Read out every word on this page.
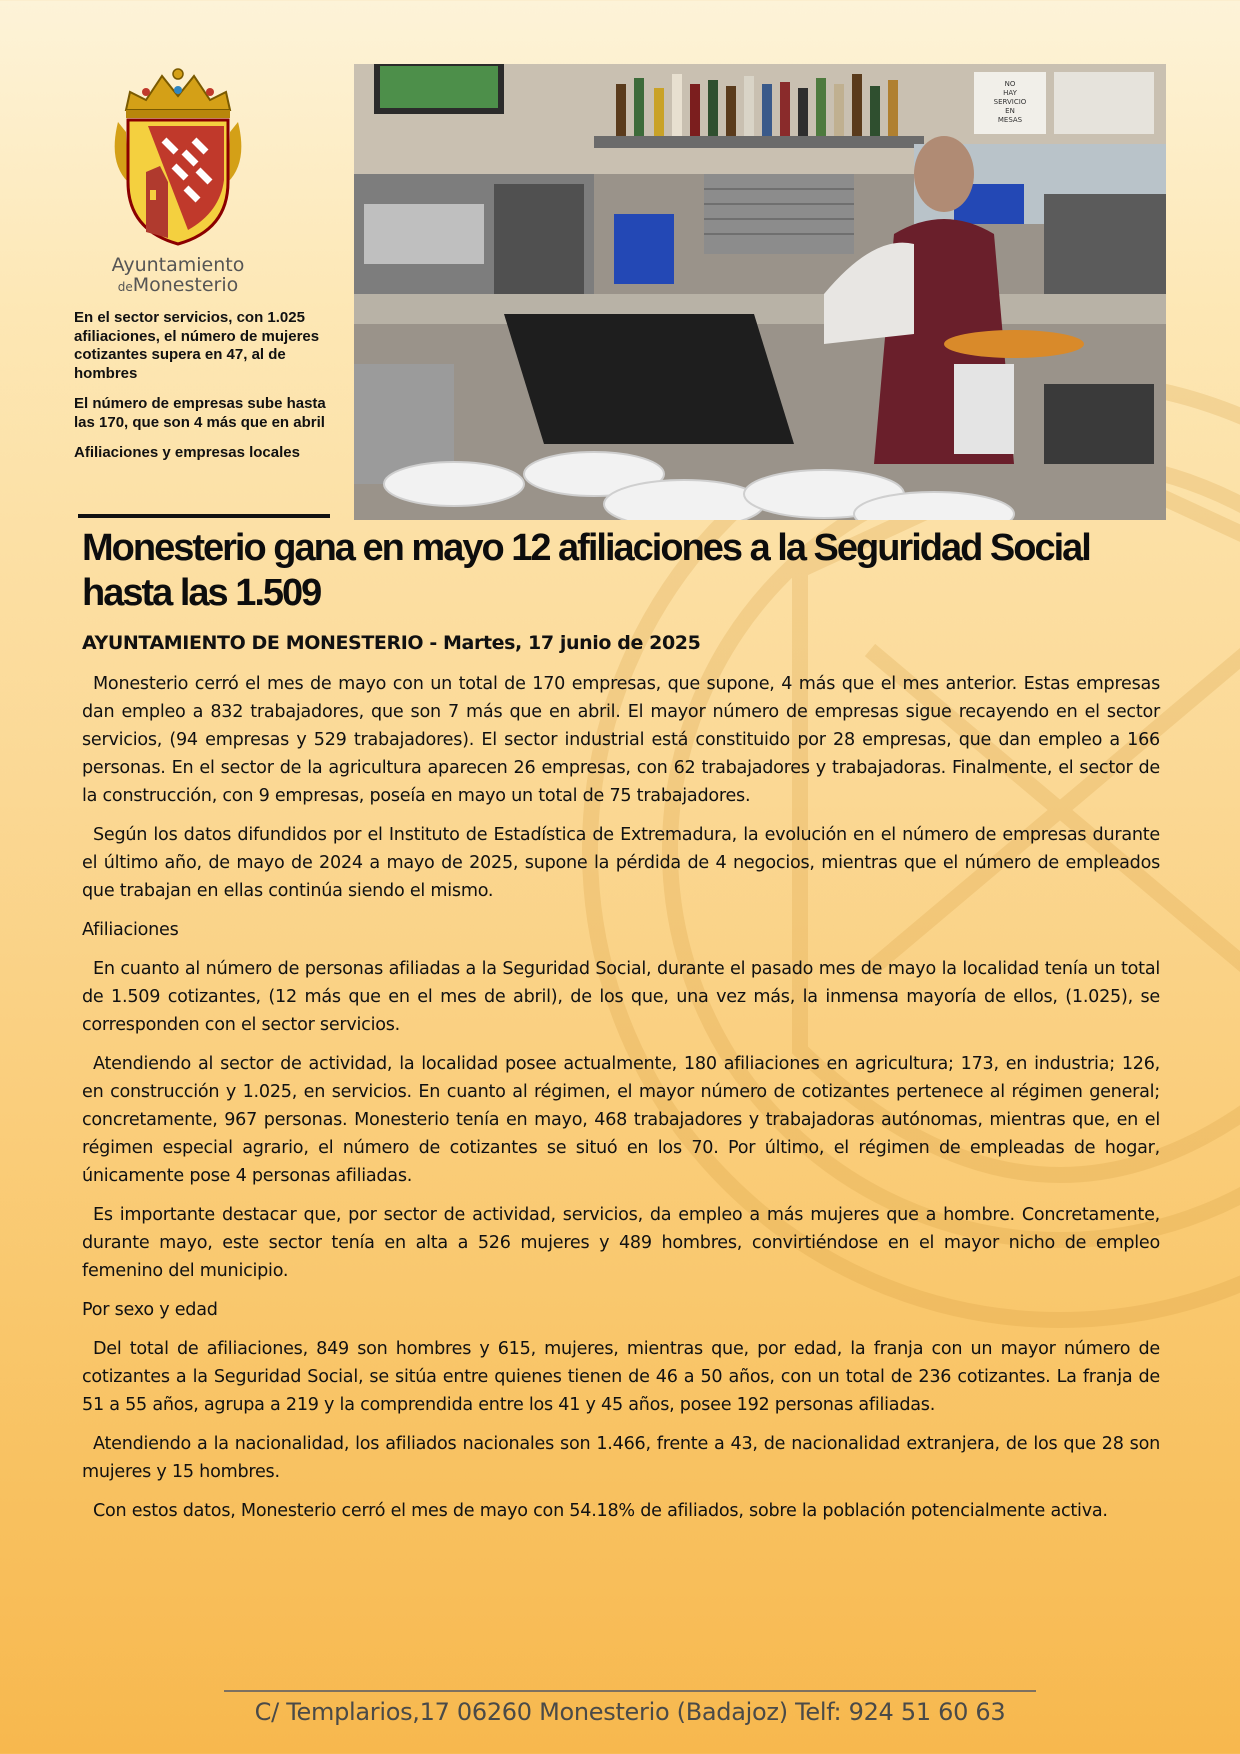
Ayuntamiento
deMonesterio

En el sector servicios, con 1.025 afiliaciones, el número de mujeres cotizantes supera en 47, al de hombres

El número de empresas sube hasta las 170, que son 4 más que en abril

Afiliaciones y empresas locales

NO
HAY
SERVICIO
EN
MESAS
Monesterio gana en mayo 12 afiliaciones a la Seguridad Social hasta las 1.509
AYUNTAMIENTO DE MONESTERIO - Martes, 17 junio de 2025

Monesterio cerró el mes de mayo con un total de 170 empresas, que supone, 4 más que el mes anterior. Estas empresas dan empleo a 832 trabajadores, que son 7 más que en abril. El mayor número de empresas sigue recayendo en el sector servicios, (94 empresas y 529 trabajadores). El sector industrial está constituido por 28 empresas, que dan empleo a 166 personas. En el sector de la agricultura aparecen 26 empresas, con 62 trabajadores y trabajadoras. Finalmente, el sector de la construcción, con 9 empresas, poseía en mayo un total de 75 trabajadores.

Según los datos difundidos por el Instituto de Estadística de Extremadura, la evolución en el número de empresas durante el último año, de mayo de 2024 a mayo de 2025, supone la pérdida de 4 negocios, mientras que el número de empleados que trabajan en ellas continúa siendo el mismo.

Afiliaciones

En cuanto al número de personas afiliadas a la Seguridad Social, durante el pasado mes de mayo la localidad tenía un total de 1.509 cotizantes, (12 más que en el mes de abril), de los que, una vez más, la inmensa mayoría de ellos, (1.025), se corresponden con el sector servicios.

Atendiendo al sector de actividad, la localidad posee actualmente, 180 afiliaciones en agricultura; 173, en industria; 126, en construcción y 1.025, en servicios. En cuanto al régimen, el mayor número de cotizantes pertenece al régimen general; concretamente, 967 personas. Monesterio tenía en mayo, 468 trabajadores y trabajadoras autónomas, mientras que, en el régimen especial agrario, el número de cotizantes se situó en los 70. Por último, el régimen de empleadas de hogar, únicamente pose 4 personas afiliadas.

Es importante destacar que, por sector de actividad, servicios, da empleo a más mujeres que a hombre. Concretamente, durante mayo, este sector tenía en alta a 526 mujeres y 489 hombres, convirtiéndose en el mayor nicho de empleo femenino del municipio.

Por sexo y edad

Del total de afiliaciones, 849 son hombres y 615, mujeres, mientras que, por edad, la franja con un mayor número de cotizantes a la Seguridad Social, se sitúa entre quienes tienen de 46 a 50 años, con un total de 236 cotizantes. La franja de 51 a 55 años, agrupa a 219 y la comprendida entre los 41 y 45 años, posee 192 personas afiliadas.

Atendiendo a la nacionalidad, los afiliados nacionales son 1.466, frente a 43, de nacionalidad extranjera, de los que 28 son mujeres y 15 hombres.

Con estos datos, Monesterio cerró el mes de mayo con 54.18% de afiliados, sobre la población potencialmente activa.

C/ Templarios,17 06260 Monesterio (Badajoz) Telf: 924 51 60 63
